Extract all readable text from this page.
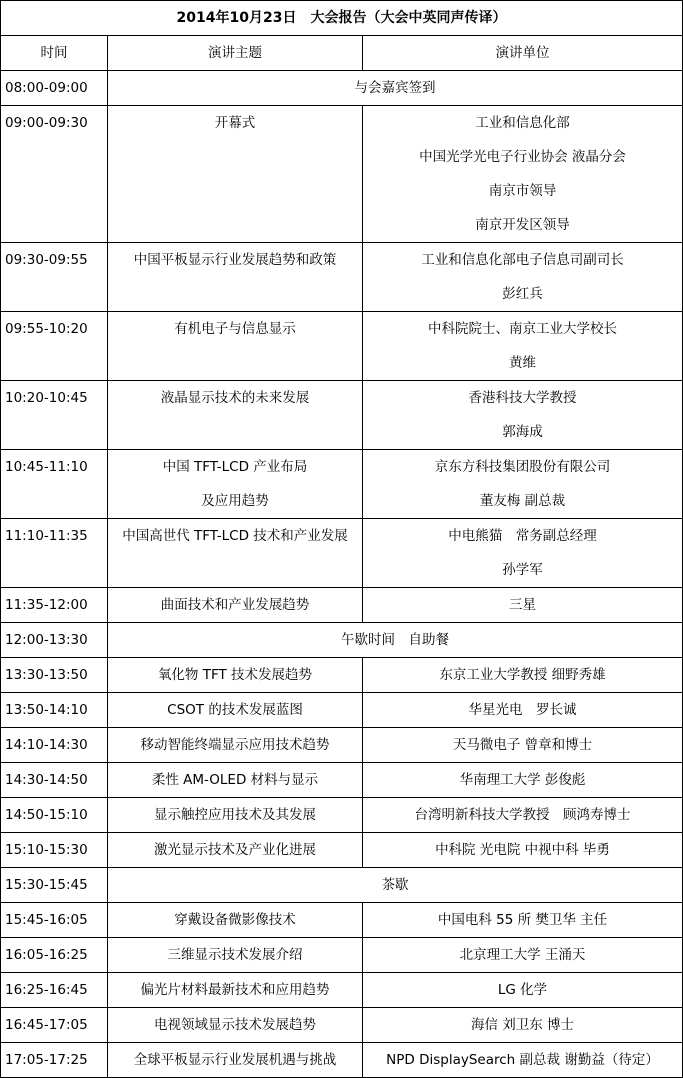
2014年10月23日　大会报告（大会中英同声传译）		
时间	演讲主题	演讲单位
08:00-09:00	与会嘉宾签到	
09:00-09:30	开幕式	工业和信息化部
中国光学光电子行业协会 液晶分会
南京市领导
南京开发区领导

09:30-09:55	中国平板显示行业发展趋势和政策	工业和信息化部电子信息司副司长
彭红兵

09:55-10:20	有机电子与信息显示	中科院院士、南京工业大学校长
黄维

10:20-10:45	液晶显示技术的未来发展	香港科技大学教授
郭海成

10:45-11:10	中国 TFT-LCD 产业布局
及应用趋势	京东方科技集团股份有限公司
董友梅 副总裁

11:10-11:35	中国高世代 TFT-LCD 技术和产业发展	中电熊猫　常务副总经理
孙学军

11:35-12:00	曲面技术和产业发展趋势	三星

12:00-13:30	午歇时间　自助餐	
13:30-13:50	氧化物 TFT 技术发展趋势	东京工业大学教授 细野秀雄

13:50-14:10	CSOT 的技术发展蓝图	华星光电　罗长诚

14:10-14:30	移动智能终端显示应用技术趋势	天马微电子 曾章和博士

14:30-14:50	柔性 AM-OLED 材料与显示	华南理工大学 彭俊彪

14:50-15:10	显示触控应用技术及其发展	台湾明新科技大学教授　顾鸿寿博士

15:10-15:30	激光显示技术及产业化进展	中科院 光电院 中视中科 毕勇

15:30-15:45	茶歇	
15:45-16:05	穿戴设备微影像技术	中国电科 55 所 樊卫华 主任

16:05-16:25	三维显示技术发展介绍	北京理工大学 王涌天

16:25-16:45	偏光片材料最新技术和应用趋势	LG 化学

16:45-17:05	电视领域显示技术发展趋势	海信 刘卫东 博士

17:05-17:25	全球平板显示行业发展机遇与挑战	NPD DisplaySearch 副总裁 谢勤益（待定）
